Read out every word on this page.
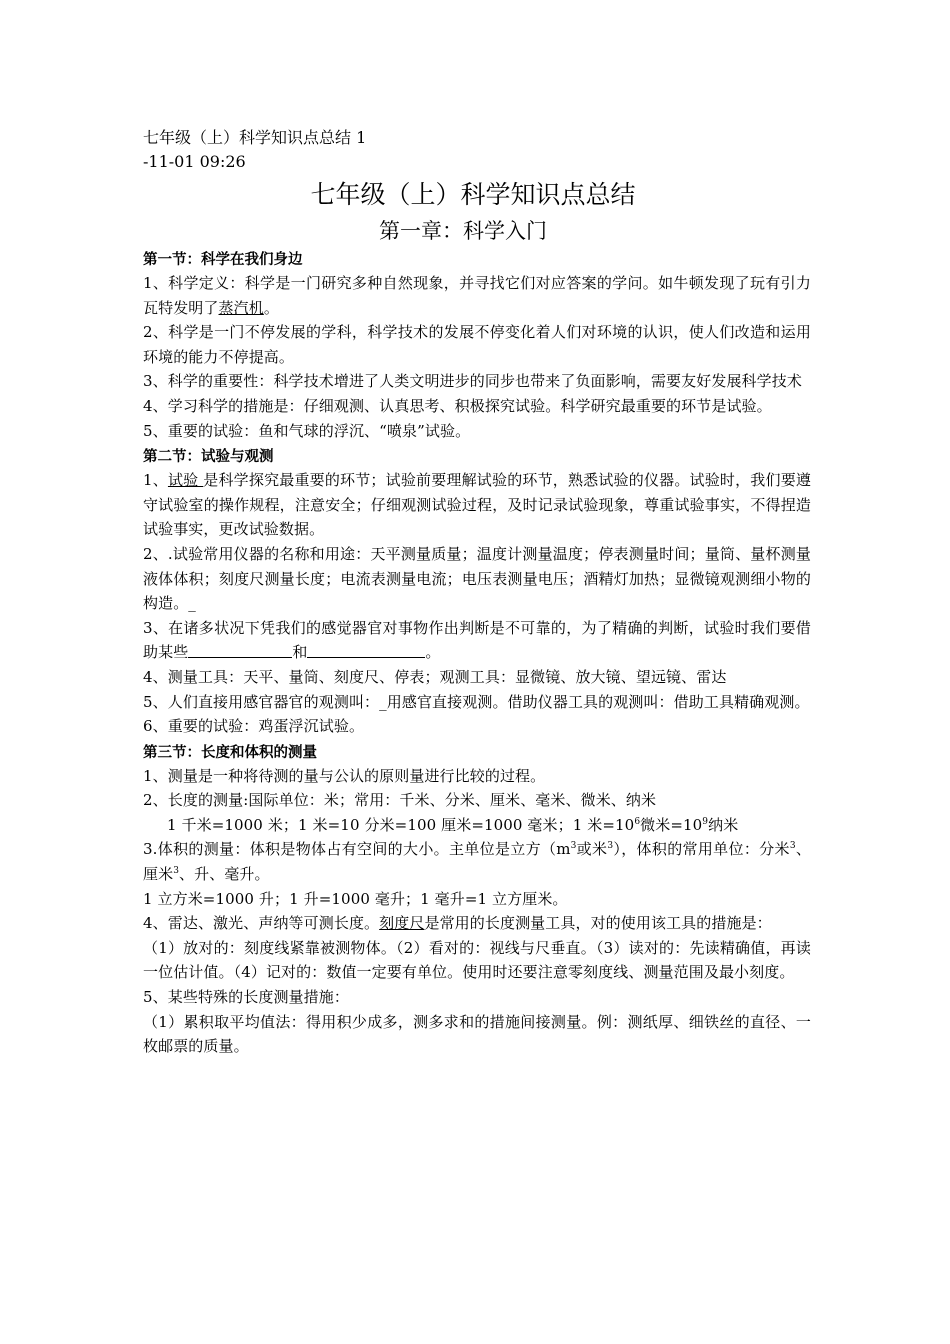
七年级（上）科学知识点总结 1
-11-01 09:26
七年级（上）科学知识点总结
第一章：科学入门
第一节：科学在我们身边

1、科学定义：科学是一门研究多种自然现象，并寻找它们对应答案的学问。如牛顿发现了玩有引力瓦特发明了蒸汽机。

2、科学是一门不停发展的学科，科学技术的发展不停变化着人们对环境的认识，使人们改造和运用环境的能力不停提高。

3、科学的重要性：科学技术增进了人类文明进步的同步也带来了负面影响，需要友好发展科学技术

4、学习科学的措施是：仔细观测、认真思考、积极探究试验。科学研究最重要的环节是试验。

5、重要的试验：鱼和气球的浮沉、“喷泉”试验。

第二节：试验与观测

1、试验 是科学探究最重要的环节；试验前要理解试验的环节，熟悉试验的仪器。试验时，我们要遵守试验室的操作规程，注意安全；仔细观测试验过程，及时记录试验现象，尊重试验事实，不得捏造试验事实，更改试验数据。

2、.试验常用仪器的名称和用途：天平测量质量；温度计测量温度；停表测量时间；量筒、量杯测量液体体积；刻度尺测量长度；电流表测量电流；电压表测量电压；酒精灯加热；显微镜观测细小物的构造。_

3、在诸多状况下凭我们的感觉器官对事物作出判断是不可靠的，为了精确的判断，试验时我们要借助某些	和	。

4、测量工具：天平、量筒、刻度尺、停表；观测工具：显微镜、放大镜、望远镜、雷达

5、人们直接用感官器官的观测叫：_用感官直接观测。借助仪器工具的观测叫：借助工具精确观测。

6、重要的试验：鸡蛋浮沉试验。

第三节：长度和体积的测量

1、测量是一种将待测的量与公认的原则量进行比较的过程。

2、长度的测量:国际单位：米；常用：千米、分米、厘米、毫米、微米、纳米

1 千米=1000 米；1 米=10 分米=100 厘米=1000 毫米；1 米$=10^6$微米$=10^9$纳米

3.体积的测量：体积是物体占有空间的大小。主单位是立方（$m^3$或米$^3$），体积的常用单位：分米$^3$、厘米$^3$、升、毫升。

1 立方米=1000 升；1 升=1000 毫升；1 毫升=1 立方厘米。

4、雷达、激光、声纳等可测长度。刻度尺是常用的长度测量工具，对的使用该工具的措施是：

（1）放对的：刻度线紧靠被测物体。（2）看对的：视线与尺垂直。（3）读对的：先读精确值，再读一位估计值。（4）记对的：数值一定要有单位。使用时还要注意零刻度线、测量范围及最小刻度。

5、某些特殊的长度测量措施：

（1）累积取平均值法：得用积少成多，测多求和的措施间接测量。例：测纸厚、细铁丝的直径、一枚邮票的质量。
